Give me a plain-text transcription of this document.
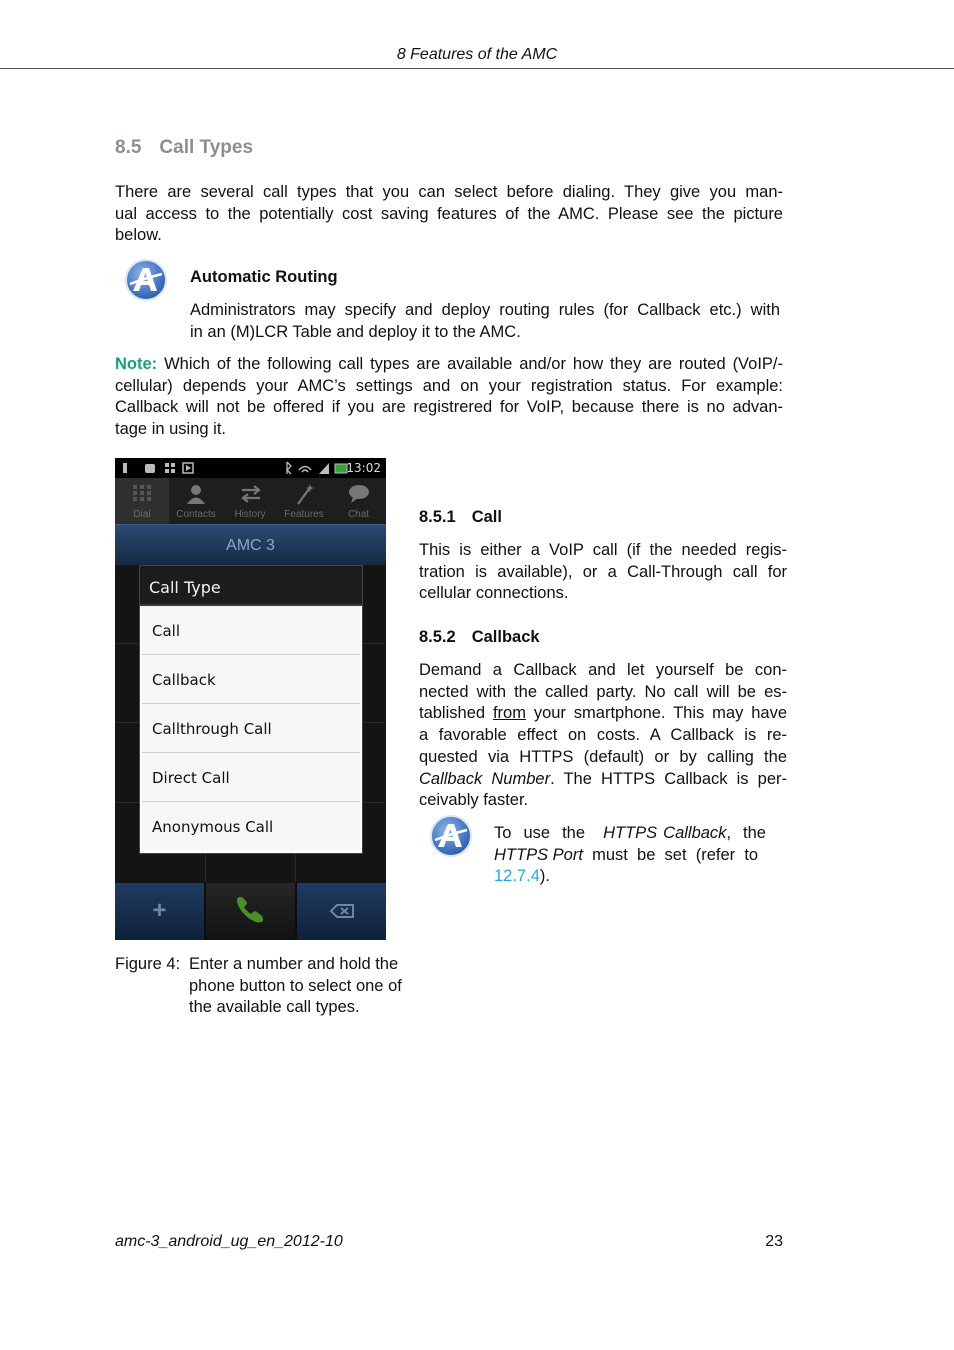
8 Features of the AMC
8.5 Call Types

There are several call types that you can select before dialing. They give you man-

ual access to the potentially cost saving features of the AMC. Please see the picture

below.

Automatic Routing

Administrators may specify and deploy routing rules (for Callback etc.) with

in an (M)LCR Table and deploy it to the AMC.

Note: Which of the following call types are available and/or how they are routed (VoIP/-

cellular) depends your AMC’s settings and on your registration status. For example:

Callback will not be offered if you are registrered for VoIP, because there is no advan-

tage in using it.

13:02
Dial	Contacts	History	Features	Chat
AMC 3
+
Call Type
Call
Callback
Callthrough Call
Direct Call
Anonymous Call
Figure 4: Enter a number and hold the
phone button to select one of
the available call types.
8.5.1 Call

This is either a VoIP call (if the needed regis-

tration is available), or a Call-Through call for

cellular connections.

8.5.2 Callback

Demand a Callback and let yourself be con-

nected with the called party. No call will be es-

tablished from your smartphone. This may have

a favorable effect on costs. A Callback is re-

quested via HTTPS (default) or by calling the

Callback Number. The HTTPS Callback is per-

ceivably faster.

To  use  the   HTTPS Callback,  the

HTTPS Port  must  be  set  (refer  to

12.7.4).

amc-3_android_ug_en_2012-10	23
